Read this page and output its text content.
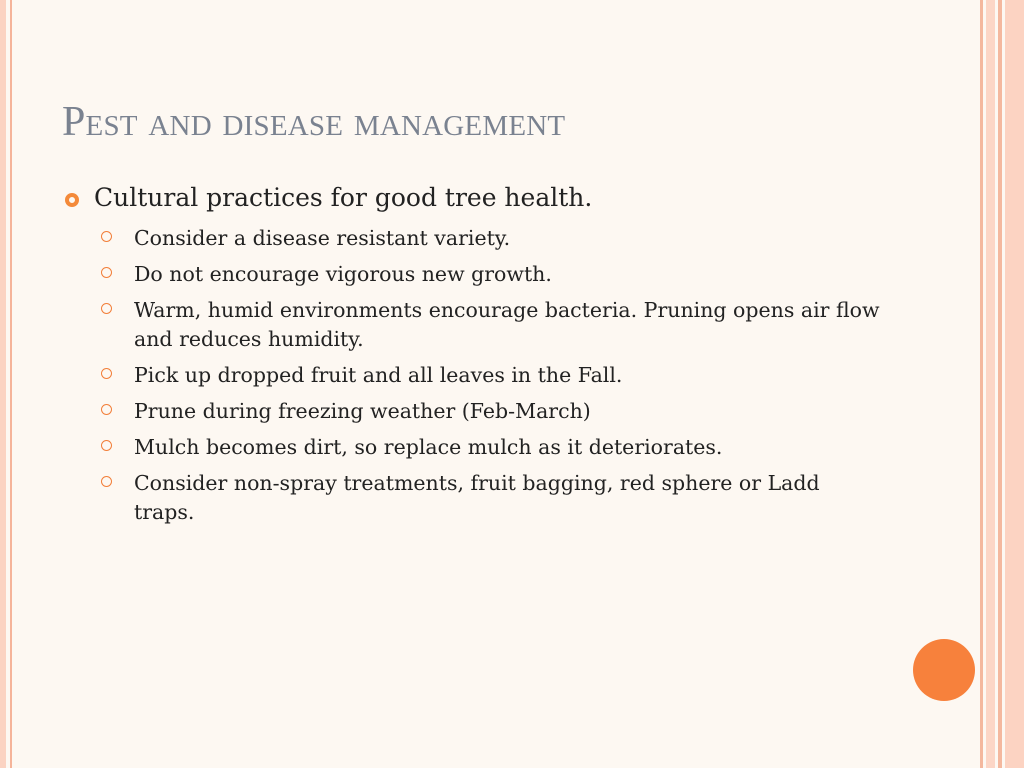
Pest and disease management
Cultural practices for good tree health.
Consider a disease resistant variety.
Do not encourage vigorous new growth.
Warm, humid environments encourage bacteria. Pruning opens air flow and reduces humidity.
Pick up dropped fruit and all leaves in the Fall.
Prune during freezing weather (Feb-March)
Mulch becomes dirt, so replace mulch as it deteriorates.
Consider non-spray treatments, fruit bagging, red sphere or Ladd traps.
